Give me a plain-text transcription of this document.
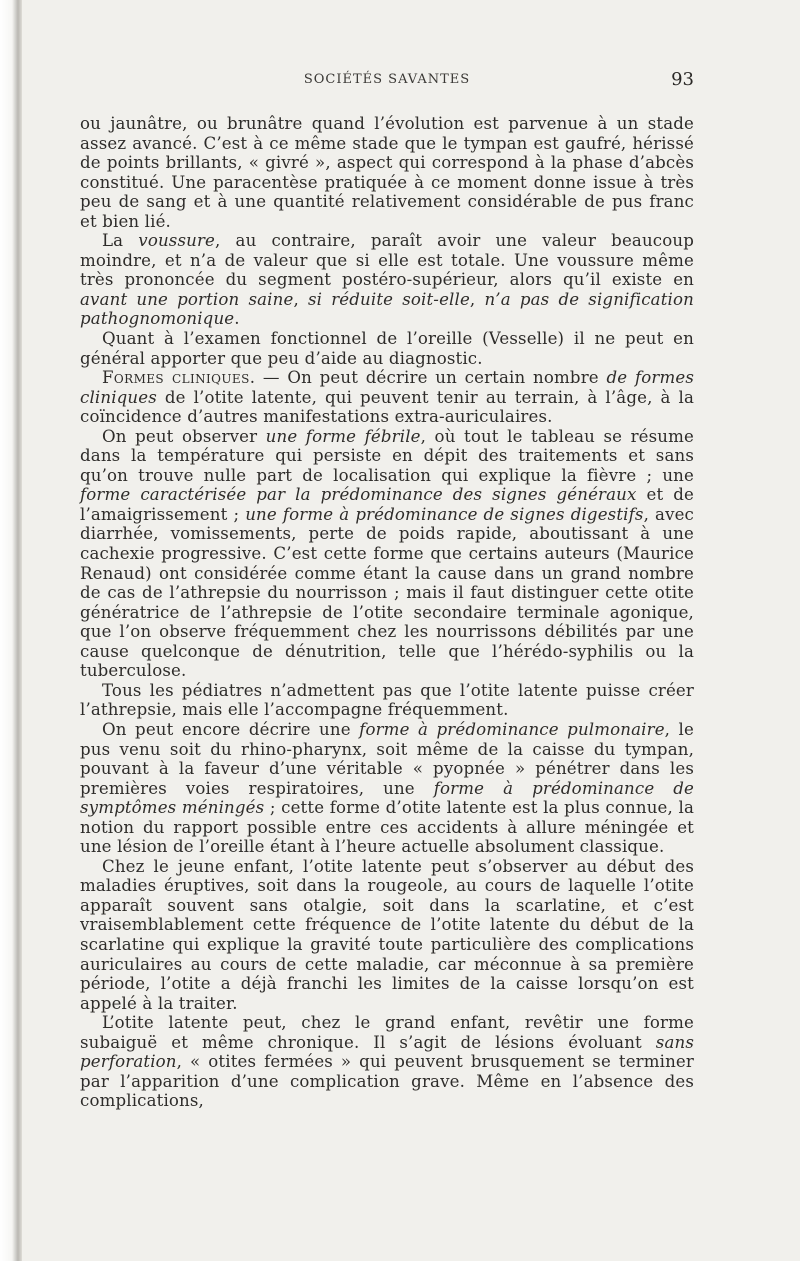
SOCIÉTÉS SAVANTES	93

ou jaunâtre, ou brunâtre quand l’évolution est parvenue à un stade assez avancé. C’est à ce même stade que le tympan est gaufré, hérissé de points brillants, « givré », aspect qui correspond à la phase d’abcès constitué. Une paracentèse pratiquée à ce moment donne issue à très peu de sang et à une quantité relativement considérable de pus franc et bien lié.

La voussure, au contraire, paraît avoir une valeur beaucoup moindre, et n’a de valeur que si elle est totale. Une voussure même très prononcée du segment postéro-supérieur, alors qu’il existe en avant une portion saine, si réduite soit-elle, n’a pas de signification pathognomonique.

Quant à l’examen fonctionnel de l’oreille (Vesselle) il ne peut en général apporter que peu d’aide au diagnostic.

Formes cliniques. — On peut décrire un certain nombre de formes cliniques de l’otite latente, qui peuvent tenir au terrain, à l’âge, à la coïncidence d’autres manifestations extra-auriculaires.

On peut observer une forme fébrile, où tout le tableau se résume dans la température qui persiste en dépit des traitements et sans qu’on trouve nulle part de localisation qui explique la fièvre ; une forme caractérisée par la prédominance des signes généraux et de l’amaigrissement ; une forme à prédominance de signes digestifs, avec diarrhée, vomissements, perte de poids rapide, aboutissant à une cachexie progressive. C’est cette forme que certains auteurs (Maurice Renaud) ont considérée comme étant la cause dans un grand nombre de cas de l’athrepsie du nourrisson ; mais il faut distinguer cette otite génératrice de l’athrepsie de l’otite secondaire terminale agonique, que l’on observe fréquemment chez les nourrissons débilités par une cause quelconque de dénutrition, telle que l’hérédo-syphilis ou la tuberculose.

Tous les pédiatres n’admettent pas que l’otite latente puisse créer l’athrepsie, mais elle l’accompagne fréquemment.

On peut encore décrire une forme à prédominance pulmonaire, le pus venu soit du rhino-pharynx, soit même de la caisse du tympan, pouvant à la faveur d’une véritable « pyopnée » pénétrer dans les premières voies respiratoires, une forme à prédominance de symptômes méningés ; cette forme d’otite latente est la plus connue, la notion du rapport possible entre ces accidents à allure méningée et une lésion de l’oreille étant à l’heure actuelle absolument classique.

Chez le jeune enfant, l’otite latente peut s’observer au début des maladies éruptives, soit dans la rougeole, au cours de laquelle l’otite apparaît souvent sans otalgie, soit dans la scarlatine, et c’est vraisemblablement cette fréquence de l’otite latente du début de la scarlatine qui explique la gravité toute particulière des complications auriculaires au cours de cette maladie, car méconnue à sa première période, l’otite a déjà franchi les limites de la caisse lorsqu’on est appelé à la traiter.

L’otite latente peut, chez le grand enfant, revêtir une forme subaiguë et même chronique. Il s’agit de lésions évoluant sans perforation, « otites fermées » qui peuvent brusquement se terminer par l’apparition d’une complication grave. Même en l’absence des complications,
